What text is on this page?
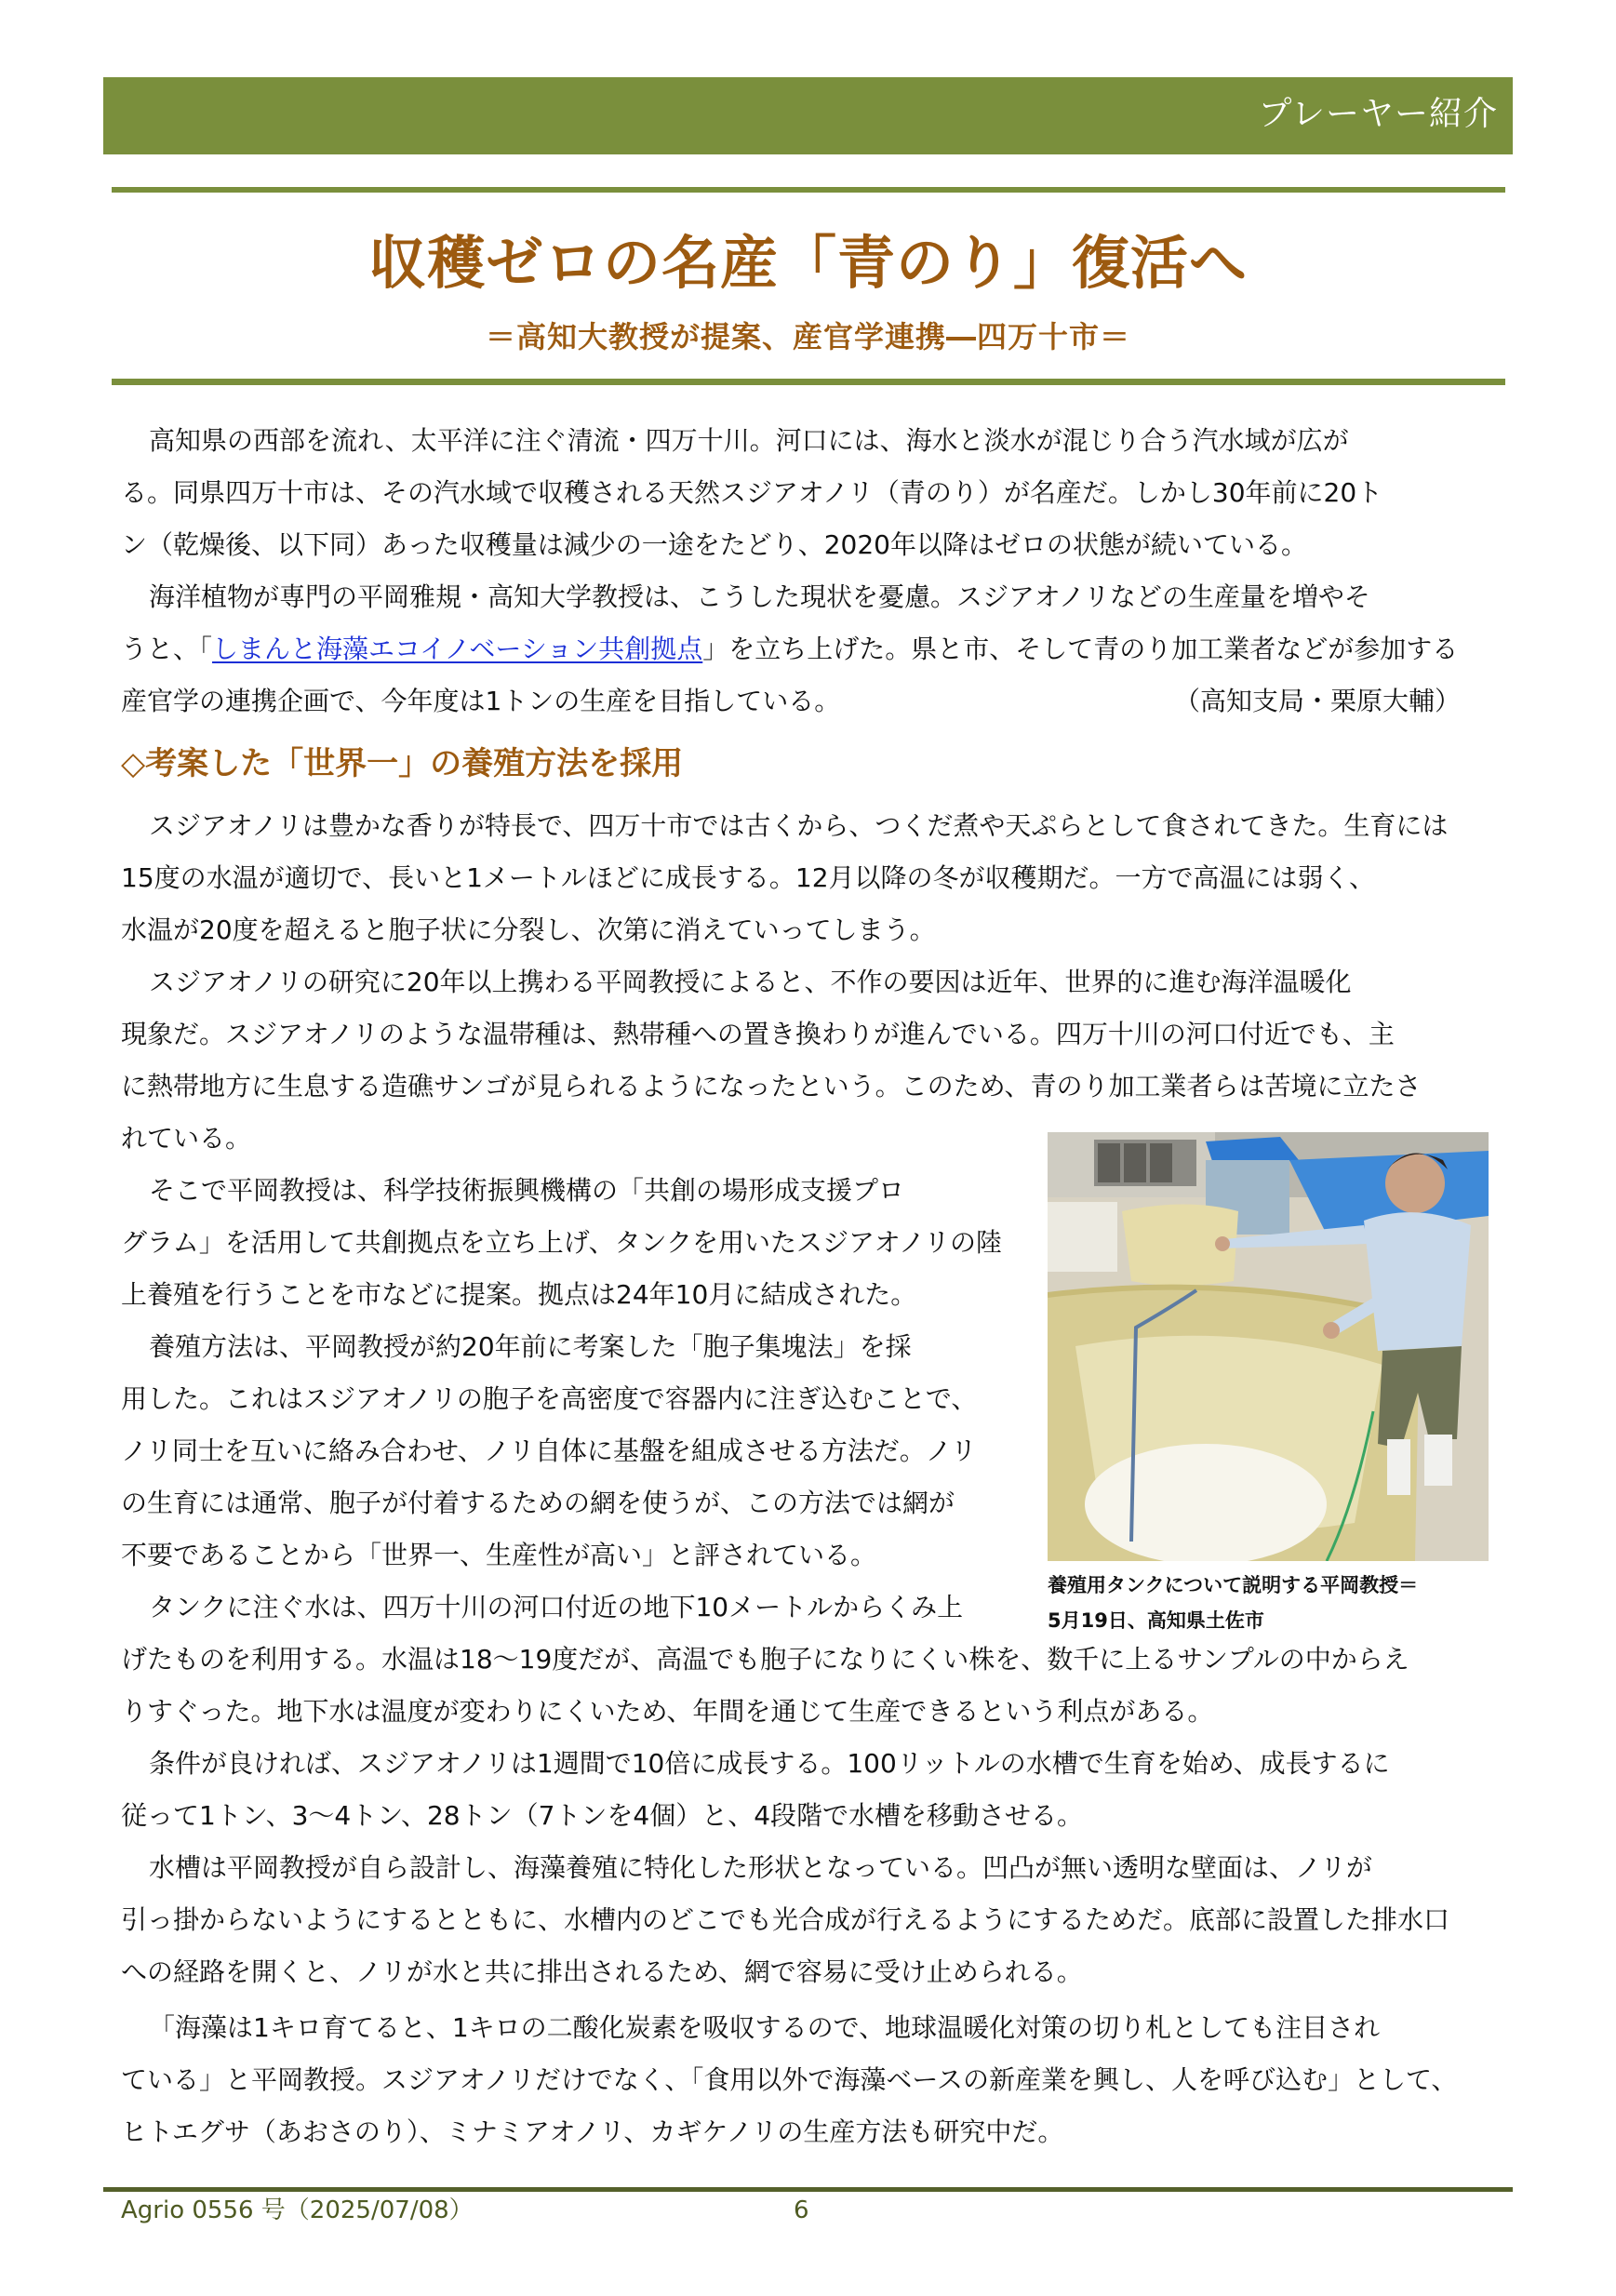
プレーヤー紹介
収穫ゼロの名産「青のり」復活へ
＝高知大教授が提案、産官学連携―四万十市＝
高知県の西部を流れ、太平洋に注ぐ清流・四万十川。河口には、海水と淡水が混じり合う汽水域が広が
る。同県四万十市は、その汽水域で収穫される天然スジアオノリ（青のり）が名産だ。しかし30年前に20ト
ン（乾燥後、以下同）あった収穫量は減少の一途をたどり、2020年以降はゼロの状態が続いている。
海洋植物が専門の平岡雅規・高知大学教授は、こうした現状を憂慮。スジアオノリなどの生産量を増やそ
うと、「しまんと海藻エコイノベーション共創拠点」を立ち上げた。県と市、そして青のり加工業者などが参加する
産官学の連携企画で、今年度は1トンの生産を目指している。	（高知支局・栗原大輔）
◇考案した「世界一」の養殖方法を採用
スジアオノリは豊かな香りが特長で、四万十市では古くから、つくだ煮や天ぷらとして食されてきた。生育には
15度の水温が適切で、長いと1メートルほどに成長する。12月以降の冬が収穫期だ。一方で高温には弱く、
水温が20度を超えると胞子状に分裂し、次第に消えていってしまう。
スジアオノリの研究に20年以上携わる平岡教授によると、不作の要因は近年、世界的に進む海洋温暖化
現象だ。スジアオノリのような温帯種は、熱帯種への置き換わりが進んでいる。四万十川の河口付近でも、主
に熱帯地方に生息する造礁サンゴが見られるようになったという。このため、青のり加工業者らは苦境に立たさ
れている。
そこで平岡教授は、科学技術振興機構の「共創の場形成支援プロ
グラム」を活用して共創拠点を立ち上げ、タンクを用いたスジアオノリの陸
上養殖を行うことを市などに提案。拠点は24年10月に結成された。
養殖方法は、平岡教授が約20年前に考案した「胞子集塊法」を採
用した。これはスジアオノリの胞子を高密度で容器内に注ぎ込むことで、
ノリ同士を互いに絡み合わせ、ノリ自体に基盤を組成させる方法だ。ノリ
の生育には通常、胞子が付着するための網を使うが、この方法では網が
不要であることから「世界一、生産性が高い」と評されている。
タンクに注ぐ水は、四万十川の河口付近の地下10メートルからくみ上
げたものを利用する。水温は18～19度だが、高温でも胞子になりにくい株を、数千に上るサンプルの中からえ
りすぐった。地下水は温度が変わりにくいため、年間を通じて生産できるという利点がある。
条件が良ければ、スジアオノリは1週間で10倍に成長する。100リットルの水槽で生育を始め、成長するに
従って1トン、3～4トン、28トン（7トンを4個）と、4段階で水槽を移動させる。
水槽は平岡教授が自ら設計し、海藻養殖に特化した形状となっている。凹凸が無い透明な壁面は、ノリが
引っ掛からないようにするとともに、水槽内のどこでも光合成が行えるようにするためだ。底部に設置した排水口
への経路を開くと、ノリが水と共に排出されるため、網で容易に受け止められる。
「海藻は1キロ育てると、1キロの二酸化炭素を吸収するので、地球温暖化対策の切り札としても注目され
ている」と平岡教授。スジアオノリだけでなく、「食用以外で海藻ベースの新産業を興し、人を呼び込む」として、
ヒトエグサ（あおさのり）、ミナミアオノリ、カギケノリの生産方法も研究中だ。
養殖用タンクについて説明する平岡教授＝
5月19日、高知県土佐市
Agrio 0556 号（2025/07/08）	6
